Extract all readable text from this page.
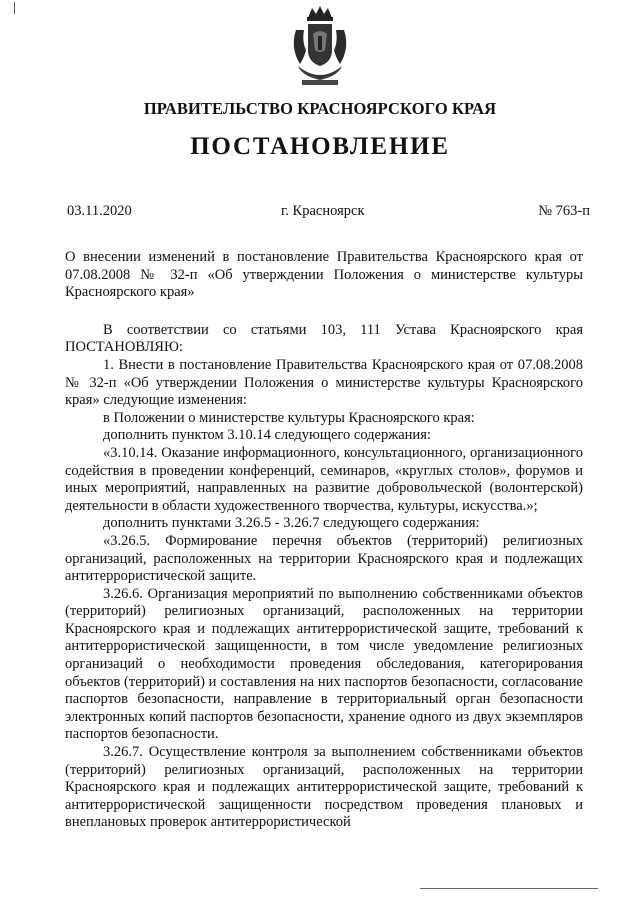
ПРАВИТЕЛЬСТВО КРАСНОЯРСКОГО КРАЯ
ПОСТАНОВЛЕНИЕ
03.11.2020	г. Красноярск	№ 763-п

О внесении изменений в постановление Правительства Красноярского края от 07.08.2008 № 32-п «Об утверждении Положения о министерстве культуры Красноярского края»

В соответствии со статьями 103, 111 Устава Красноярского края ПОСТАНОВЛЯЮ:

1. Внести в постановление Правительства Красноярского края от 07.08.2008 № 32-п «Об утверждении Положения о министерстве культуры Красноярского края» следующие изменения:

в Положении о министерстве культуры Красноярского края:

дополнить пунктом 3.10.14 следующего содержания:

«3.10.14. Оказание информационного, консультационного, организационного содействия в проведении конференций, семинаров, «круглых столов», форумов и иных мероприятий, направленных на развитие добровольческой (волонтерской) деятельности в области художественного творчества, культуры, искусства.»;

дополнить пунктами 3.26.5 - 3.26.7 следующего содержания:

«3.26.5. Формирование перечня объектов (территорий) религиозных организаций, расположенных на территории Красноярского края и подлежащих антитеррористической защите.

3.26.6. Организация мероприятий по выполнению собственниками объектов (территорий) религиозных организаций, расположенных на территории Красноярского края и подлежащих антитеррористической защите, требований к антитеррористической защищенности, в том числе уведомление религиозных организаций о необходимости проведения обследования, категорирования объектов (территорий) и составления на них паспортов безопасности, согласование паспортов безопасности, направление в территориальный орган безопасности электронных копий паспортов безопасности, хранение одного из двух экземпляров паспортов безопасности.

3.26.7. Осуществление контроля за выполнением собственниками объектов (территорий) религиозных организаций, расположенных на территории Красноярского края и подлежащих антитеррористической защите, требований к антитеррористической защищенности посредством проведения плановых и внеплановых проверок антитеррористической
